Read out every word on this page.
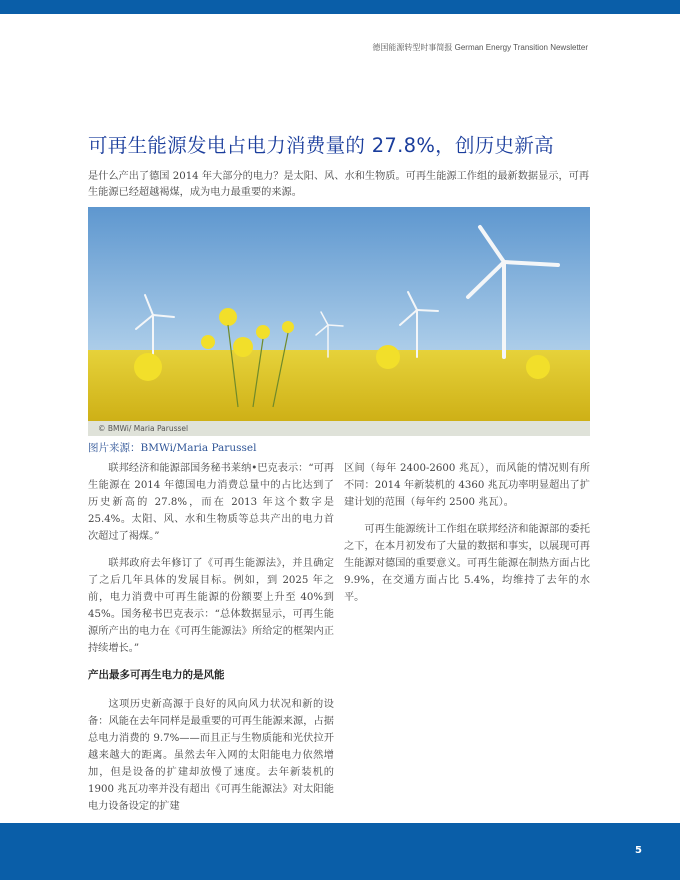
德国能源转型时事简报 German Energy Transition Newsletter
可再生能源发电占电力消费量的 27.8%，创历史新高
是什么产出了德国 2014 年大部分的电力？是太阳、风、水和生物质。可再生能源工作组的最新数据显示，可再生能源已经超越褐煤，成为电力最重要的来源。
© BMWi/ Maria Parussel
图片来源：BMWi/Maria Parussel

联邦经济和能源部国务秘书莱纳•巴克表示：“可再生能源在 2014 年德国电力消费总量中的占比达到了历史新高的 27.8%，而在 2013 年这个数字是 25.4%。太阳、风、水和生物质等总共产出的电力首次超过了褐煤。”

联邦政府去年修订了《可再生能源法》，并且确定了之后几年具体的发展目标。例如，到 2025 年之前，电力消费中可再生能源的份额要上升至 40%到 45%。国务秘书巴克表示：“总体数据显示，可再生能源所产出的电力在《可再生能源法》所给定的框架内正持续增长。”

产出最多可再生电力的是风能

这项历史新高源于良好的风向风力状况和新的设备：风能在去年同样是最重要的可再生能源来源，占据总电力消费的 9.7%——而且正与生物质能和光伏拉开越来越大的距离。虽然去年入网的太阳能电力依然增加，但是设备的扩建却放慢了速度。去年新装机的 1900 兆瓦功率并没有超出《可再生能源法》对太阳能电力设备设定的扩建

区间（每年 2400-2600 兆瓦），而风能的情况则有所不同：2014 年新装机的 4360 兆瓦功率明显超出了扩建计划的范围（每年约 2500 兆瓦）。

可再生能源统计工作组在联邦经济和能源部的委托之下，在本月初发布了大量的数据和事实，以展现可再生能源对德国的重要意义。可再生能源在制热方面占比 9.9%，在交通方面占比 5.4%，均维持了去年的水平。

5
